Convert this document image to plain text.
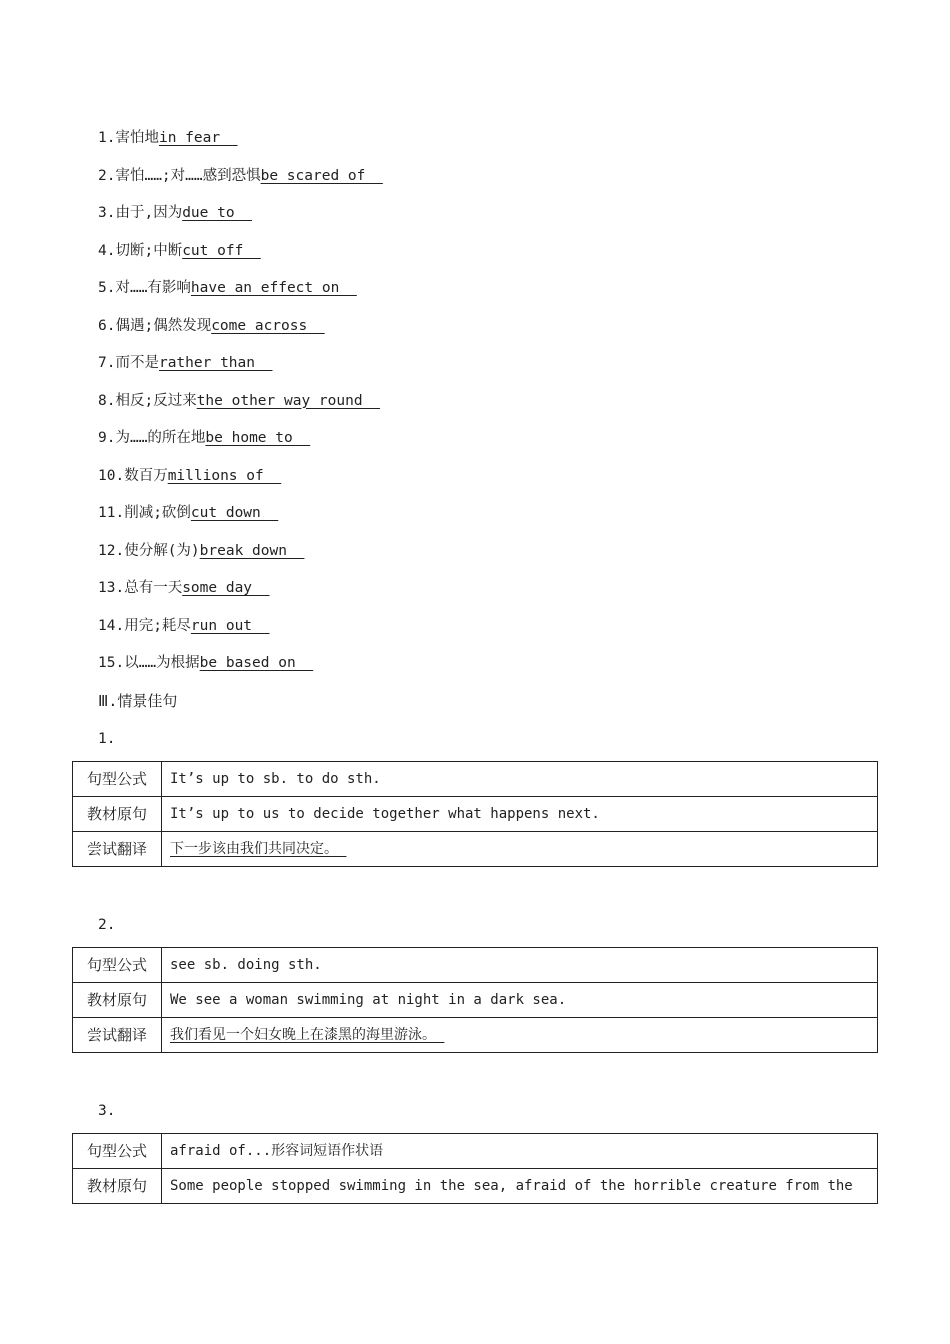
1.害怕地in fear
2.害怕……;对……感到恐惧be scared of
3.由于,因为due to
4.切断;中断cut off
5.对……有影响have an effect on
6.偶遇;偶然发现come across
7.而不是rather than
8.相反;反过来the other way round
9.为……的所在地be home to
10.数百万millions of
11.削减;砍倒cut down
12.使分解(为)break down
13.总有一天some day
14.用完;耗尽run out
15.以……为根据be based on
Ⅲ.情景佳句
1.
句型公式	It’s up to sb. to do sth.
教材原句	It’s up to us to decide together what happens next.
尝试翻译	下一步该由我们共同决定。
2.
句型公式	see sb. doing sth.
教材原句	We see a woman swimming at night in a dark sea.
尝试翻译	我们看见一个妇女晚上在漆黑的海里游泳。
3.
句型公式	afraid of...形容词短语作状语
教材原句	Some people stopped swimming in the sea, afraid of the horrible creature from the
